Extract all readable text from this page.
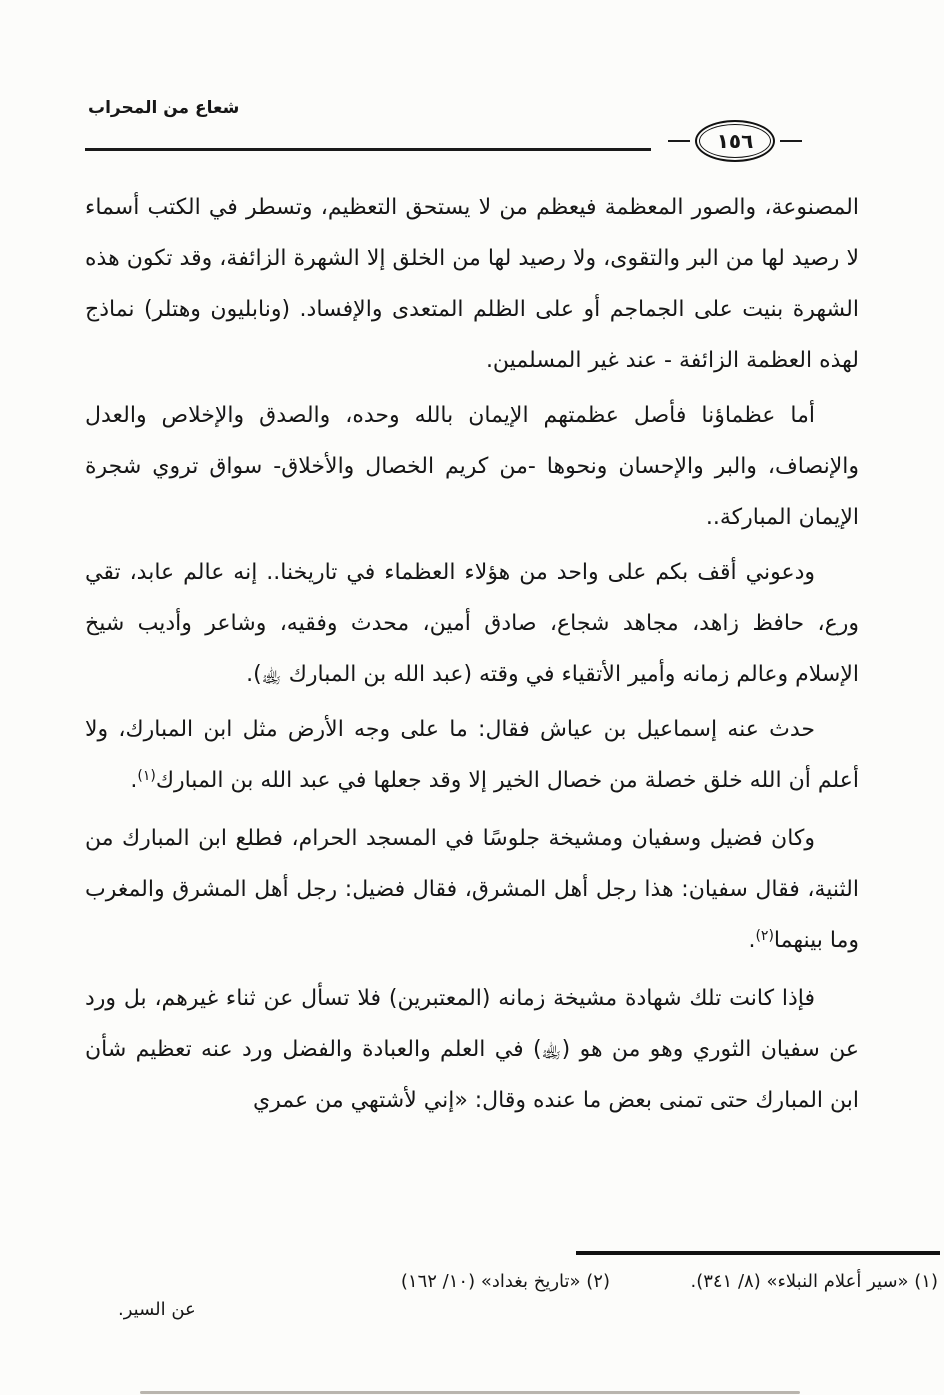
شعاع من المحراب
١٥٦

المصنوعة، والصور المعظمة فيعظم من لا يستحق التعظيم، وتسطر في الكتب أسماء لا رصيد لها من البر والتقوى، ولا رصيد لها من الخلق إلا الشهرة الزائفة، وقد تكون هذه الشهرة بنيت على الجماجم أو على الظلم المتعدى والإفساد. (ونابليون وهتلر) نماذج لهذه العظمة الزائفة - عند غير المسلمين.

أما عظماؤنا فأصل عظمتهم الإيمان بالله وحده، والصدق والإخلاص والعدل والإنصاف، والبر والإحسان ونحوها -من كريم الخصال والأخلاق- سواق تروي شجرة الإيمان المباركة..

ودعوني أقف بكم على واحد من هؤلاء العظماء في تاريخنا.. إنه عالم عابد، تقي ورع، حافظ زاهد، مجاهد شجاع، صادق أمين، محدث وفقيه، وشاعر وأديب شيخ الإسلام وعالم زمانه وأمير الأتقياء في وقته (عبد الله بن المبارك ﵀).

حدث عنه إسماعيل بن عياش فقال: ما على وجه الأرض مثل ابن المبارك، ولا أعلم أن الله خلق خصلة من خصال الخير إلا وقد جعلها في عبد الله بن المبارك$^{(١)}$.

وكان فضيل وسفيان ومشيخة جلوسًا في المسجد الحرام، فطلع ابن المبارك من الثنية، فقال سفيان: هذا رجل أهل المشرق، فقال فضيل: رجل أهل المشرق والمغرب وما بينهما$^{(٢)}$.

فإذا كانت تلك شهادة مشيخة زمانه (المعتبرين) فلا تسأل عن ثناء غيرهم، بل ورد عن سفيان الثوري وهو من هو (﵀) في العلم والعبادة والفضل ورد عنه تعظيم شأن ابن المبارك حتى تمنى بعض ما عنده وقال: «إني لأشتهي من عمري

(١) «سير أعلام النبلاء» (٨/ ٣٤١).
(٢) «تاريخ بغداد» (١٠/ ١٦٢)
عن السير.
